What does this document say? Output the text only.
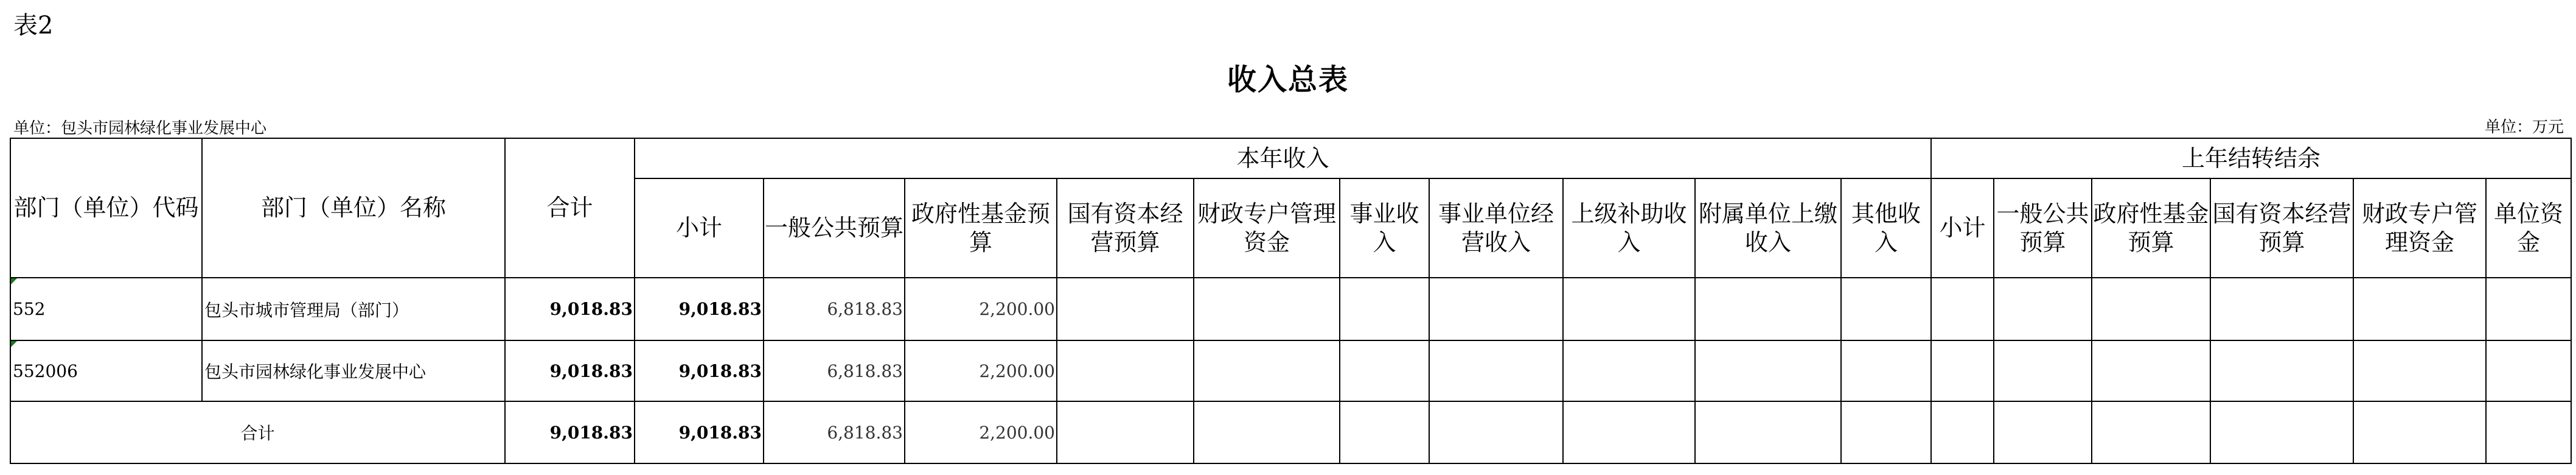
表2
收入总表
单位：包头市园林绿化事业发展中心	单位：万元
部门（单位）代码	部门（单位）名称	合计	本年收入										上年结转结余					
			小计	一般公共预算	政府性基金预算	国有资本经营预算	财政专户管理资金	事业收入	事业单位经营收入	上级补助收入	附属单位上缴收入	其他收入	小计	一般公共预算	政府性基金预算	国有资本经营预算	财政专户管理资金	单位资金
552	包头市城市管理局（部门）	9,018.83	9,018.83	6,818.83	2,200.00													
552006	包头市园林绿化事业发展中心	9,018.83	9,018.83	6,818.83	2,200.00													
合计		9,018.83	9,018.83	6,818.83	2,200.00													
